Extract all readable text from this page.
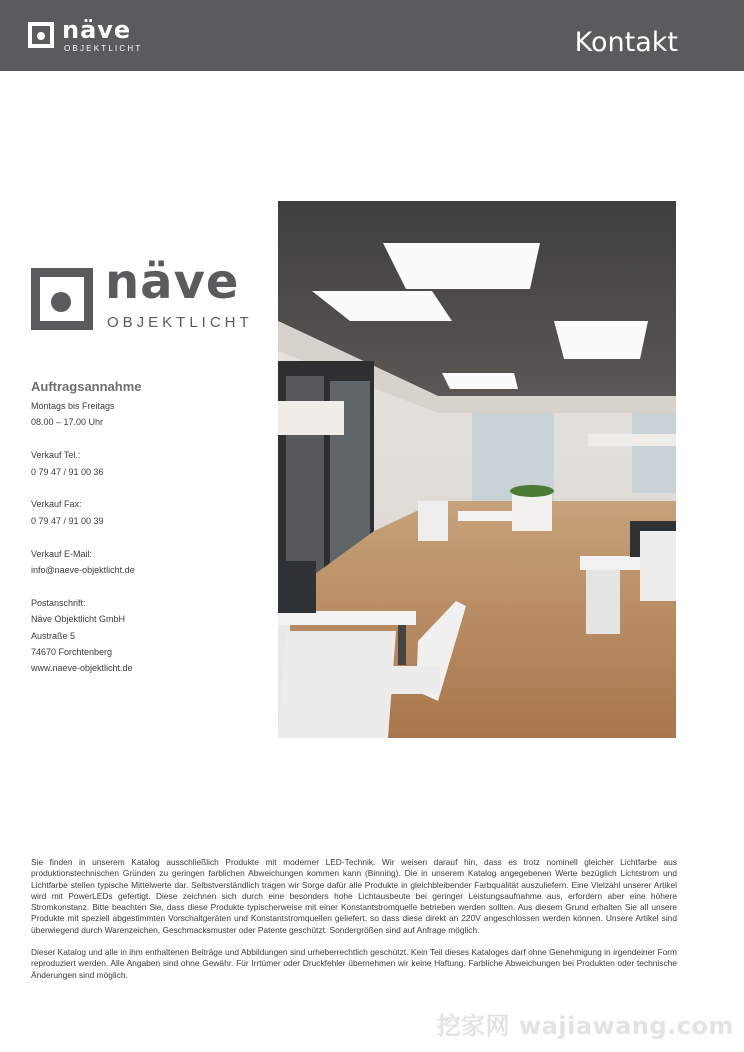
näve
OBJEKTLICHT	Kontakt
näve
OBJEKTLICHT
Auftragsannahme
Montags bis Freitags
08.00 – 17.00 Uhr
Verkauf Tel.:
0 79 47 / 91 00 36
Verkauf Fax:
0 79 47 / 91 00 39
Verkauf E-Mail:
info@naeve-objektlicht.de
Postanschrift:
Näve Objektlicht GmbH
Austraße 5
74670 Forchtenberg
www.naeve-objektlicht.de

Sie finden in unserem Katalog ausschließlich Produkte mit moderner LED-Technik. Wir weisen darauf hin, dass es trotz nominell gleicher Lichtfarbe aus produktionstechnischen Gründen zu geringen farblichen Abweichungen kommen kann (Binning). Die in unserem Katalog angegebenen Werte bezüglich Lichtstrom und Lichtfarbe stellen typische Mittelwerte dar. Selbstverständlich tragen wir Sorge dafür alle Produkte in gleichbleibender Farbqualität auszuliefern. Eine Vielzahl unserer Artikel wird mit PowerLEDs gefertigt. Diese zeichnen sich durch eine besonders hohe Lichtausbeute bei geringer Leistungsaufnahme aus, erfordern aber eine höhere Stromkonstanz. Bitte beachten Sie, dass diese Produkte typischerweise mit einer Konstantstromquelle betrieben werden sollten. Aus diesem Grund erhalten Sie all unsere Produkte mit speziell abgestimmten Vorschaltgeräten und Konstantstromquellen geliefert, so dass diese direkt an 220V angeschlossen werden können. Unsere Artikel sind überwiegend durch Warenzeichen, Geschmacksmuster oder Patente geschützt. Sondergrößen sind auf Anfrage möglich.

Dieser Katalog und alle in ihm enthaltenen Beiträge und Abbildungen sind urheberrechtlich geschützt. Kein Teil dieses Kataloges darf ohne Genehmigung in irgendeiner Form reproduziert werden. Alle Angaben sind ohne Gewähr. Für Irrtümer oder Druckfehler übernehmen wir keine Haftung. Farbliche Abweichungen bei Produkten oder technische Änderungen sind möglich.

挖家网 wajiawang.com
